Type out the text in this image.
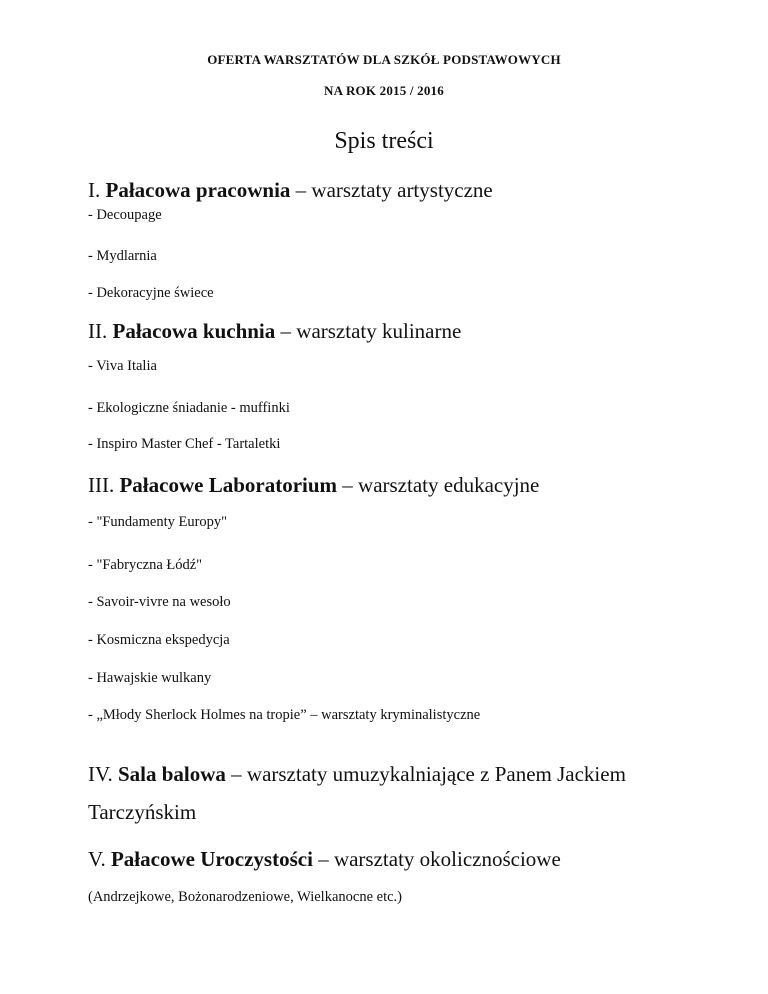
OFERTA WARSZTATÓW DLA SZKÓŁ PODSTAWOWYCH
NA ROK 2015 / 2016
Spis treści
I. Pałacowa pracownia – warsztaty artystyczne
- Decoupage
- Mydlarnia
- Dekoracyjne świece
II. Pałacowa kuchnia – warsztaty kulinarne
- Viva Italia
- Ekologiczne śniadanie - muffinki
- Inspiro Master Chef - Tartaletki
III. Pałacowe Laboratorium – warsztaty edukacyjne
- "Fundamenty Europy"
- "Fabryczna Łódź"
- Savoir-vivre na wesoło
- Kosmiczna ekspedycja
- Hawajskie wulkany
- „Młody Sherlock Holmes na tropie” – warsztaty kryminalistyczne
IV. Sala balowa – warsztaty umuzykalniające z Panem Jackiem Tarczyńskim
V. Pałacowe Uroczystości – warsztaty okolicznościowe
(Andrzejkowe, Bożonarodzeniowe, Wielkanocne etc.)
